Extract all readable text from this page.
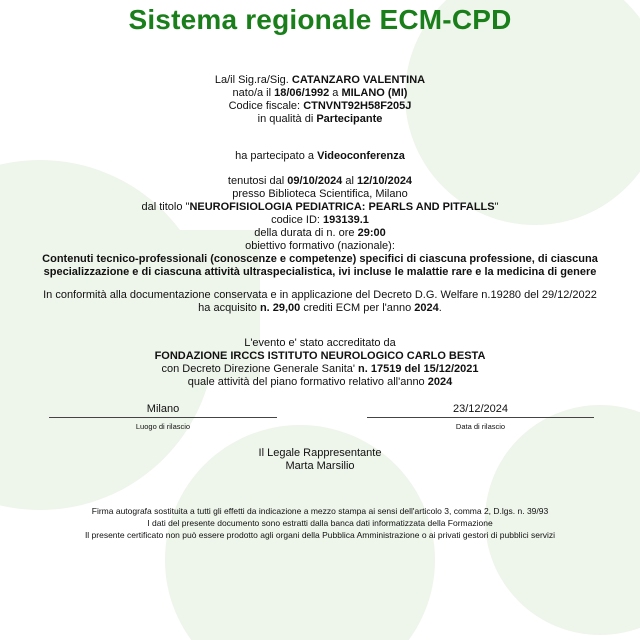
Sistema regionale ECM-CPD

La/il Sig.ra/Sig. CATANZARO VALENTINA

nato/a il 18/06/1992 a MILANO (MI)

Codice fiscale: CTNVNT92H58F205J

in qualità di Partecipante

ha partecipato a Videoconferenza

tenutosi dal 09/10/2024 al 12/10/2024

presso Biblioteca Scientifica, Milano

dal titolo "NEUROFISIOLOGIA PEDIATRICA: PEARLS AND PITFALLS"

codice ID: 193139.1

della durata di n. ore 29:00

obiettivo formativo (nazionale):

Contenuti tecnico-professionali (conoscenze e competenze) specifici di ciascuna professione, di ciascuna

specializzazione e di ciascuna attività ultraspecialistica, ivi incluse le malattie rare e la medicina di genere

In conformità alla documentazione conservata e in applicazione del Decreto D.G. Welfare n.19280 del 29/12/2022

ha acquisito n. 29,00 crediti ECM per l'anno 2024.

L'evento e' stato accreditato da

FONDAZIONE IRCCS ISTITUTO NEUROLOGICO CARLO BESTA

con Decreto Direzione Generale Sanita' n. 17519 del 15/12/2021

quale attività del piano formativo relativo all'anno 2024

Milano
Luogo di rilascio
23/12/2024
Data di rilascio

Il Legale Rappresentante

Marta Marsilio

Firma autografa sostituita a tutti gli effetti da indicazione a mezzo stampa ai sensi dell'articolo 3, comma 2, D.lgs. n. 39/93

I dati del presente documento sono estratti dalla banca dati informatizzata della Formazione

Il presente certificato non può essere prodotto agli organi della Pubblica Amministrazione o ai privati gestori di pubblici servizi
